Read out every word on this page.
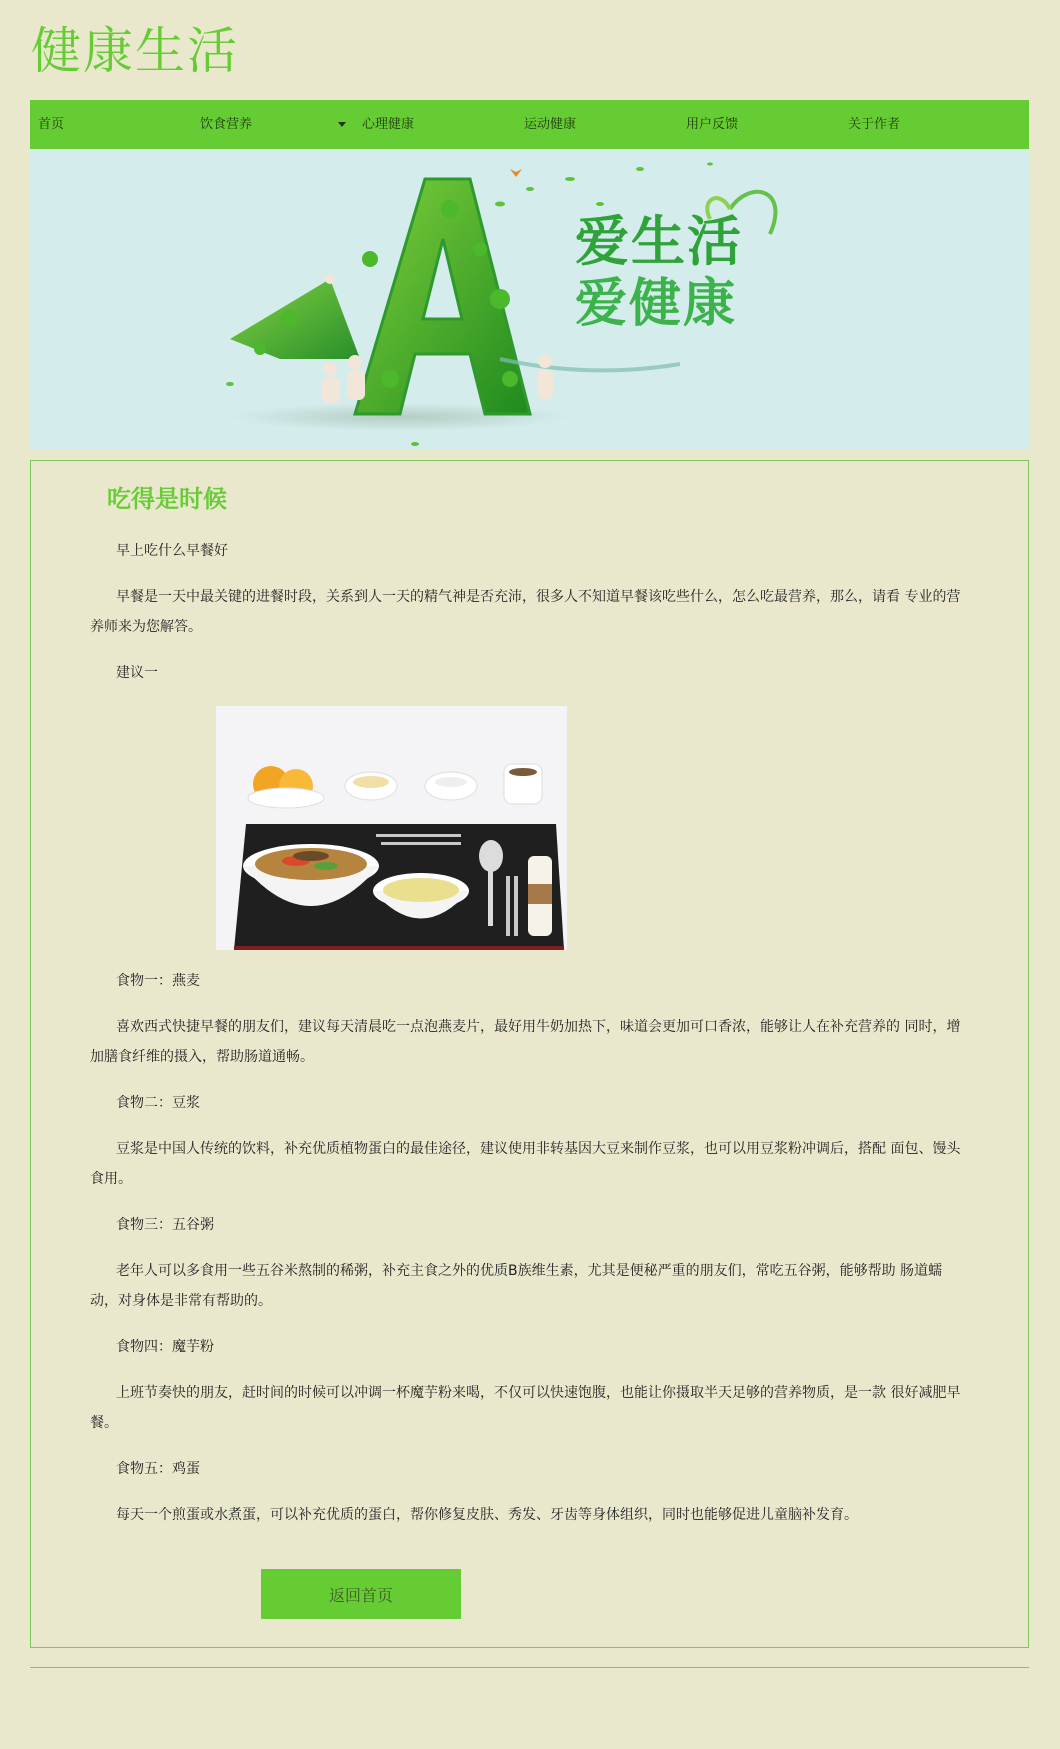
健康生活
首页	饮食营养	心理健康	运动健康	用户反馈	关于作者
爱生活
爱健康
吃得是时候

早上吃什么早餐好

早餐是一天中最关键的进餐时段，关系到人一天的精气神是否充沛，很多人不知道早餐该吃些什么，怎么吃最营养，那么，请看 专业的营养师来为您解答。

建议一

食物一：燕麦

喜欢西式快捷早餐的朋友们，建议每天清晨吃一点泡燕麦片，最好用牛奶加热下，味道会更加可口香浓，能够让人在补充营养的 同时，增加膳食纤维的摄入，帮助肠道通畅。

食物二：豆浆

豆浆是中国人传统的饮料，补充优质植物蛋白的最佳途径，建议使用非转基因大豆来制作豆浆，也可以用豆浆粉冲调后，搭配 面包、馒头食用。

食物三：五谷粥

老年人可以多食用一些五谷米熬制的稀粥，补充主食之外的优质B族维生素，尤其是便秘严重的朋友们，常吃五谷粥，能够帮助 肠道蠕动，对身体是非常有帮助的。

食物四：魔芋粉

上班节奏快的朋友，赶时间的时候可以冲调一杯魔芋粉来喝，不仅可以快速饱腹，也能让你摄取半天足够的营养物质，是一款 很好减肥早餐。

食物五：鸡蛋

每天一个煎蛋或水煮蛋，可以补充优质的蛋白，帮你修复皮肤、秀发、牙齿等身体组织，同时也能够促进儿童脑补发育。

返回首页
